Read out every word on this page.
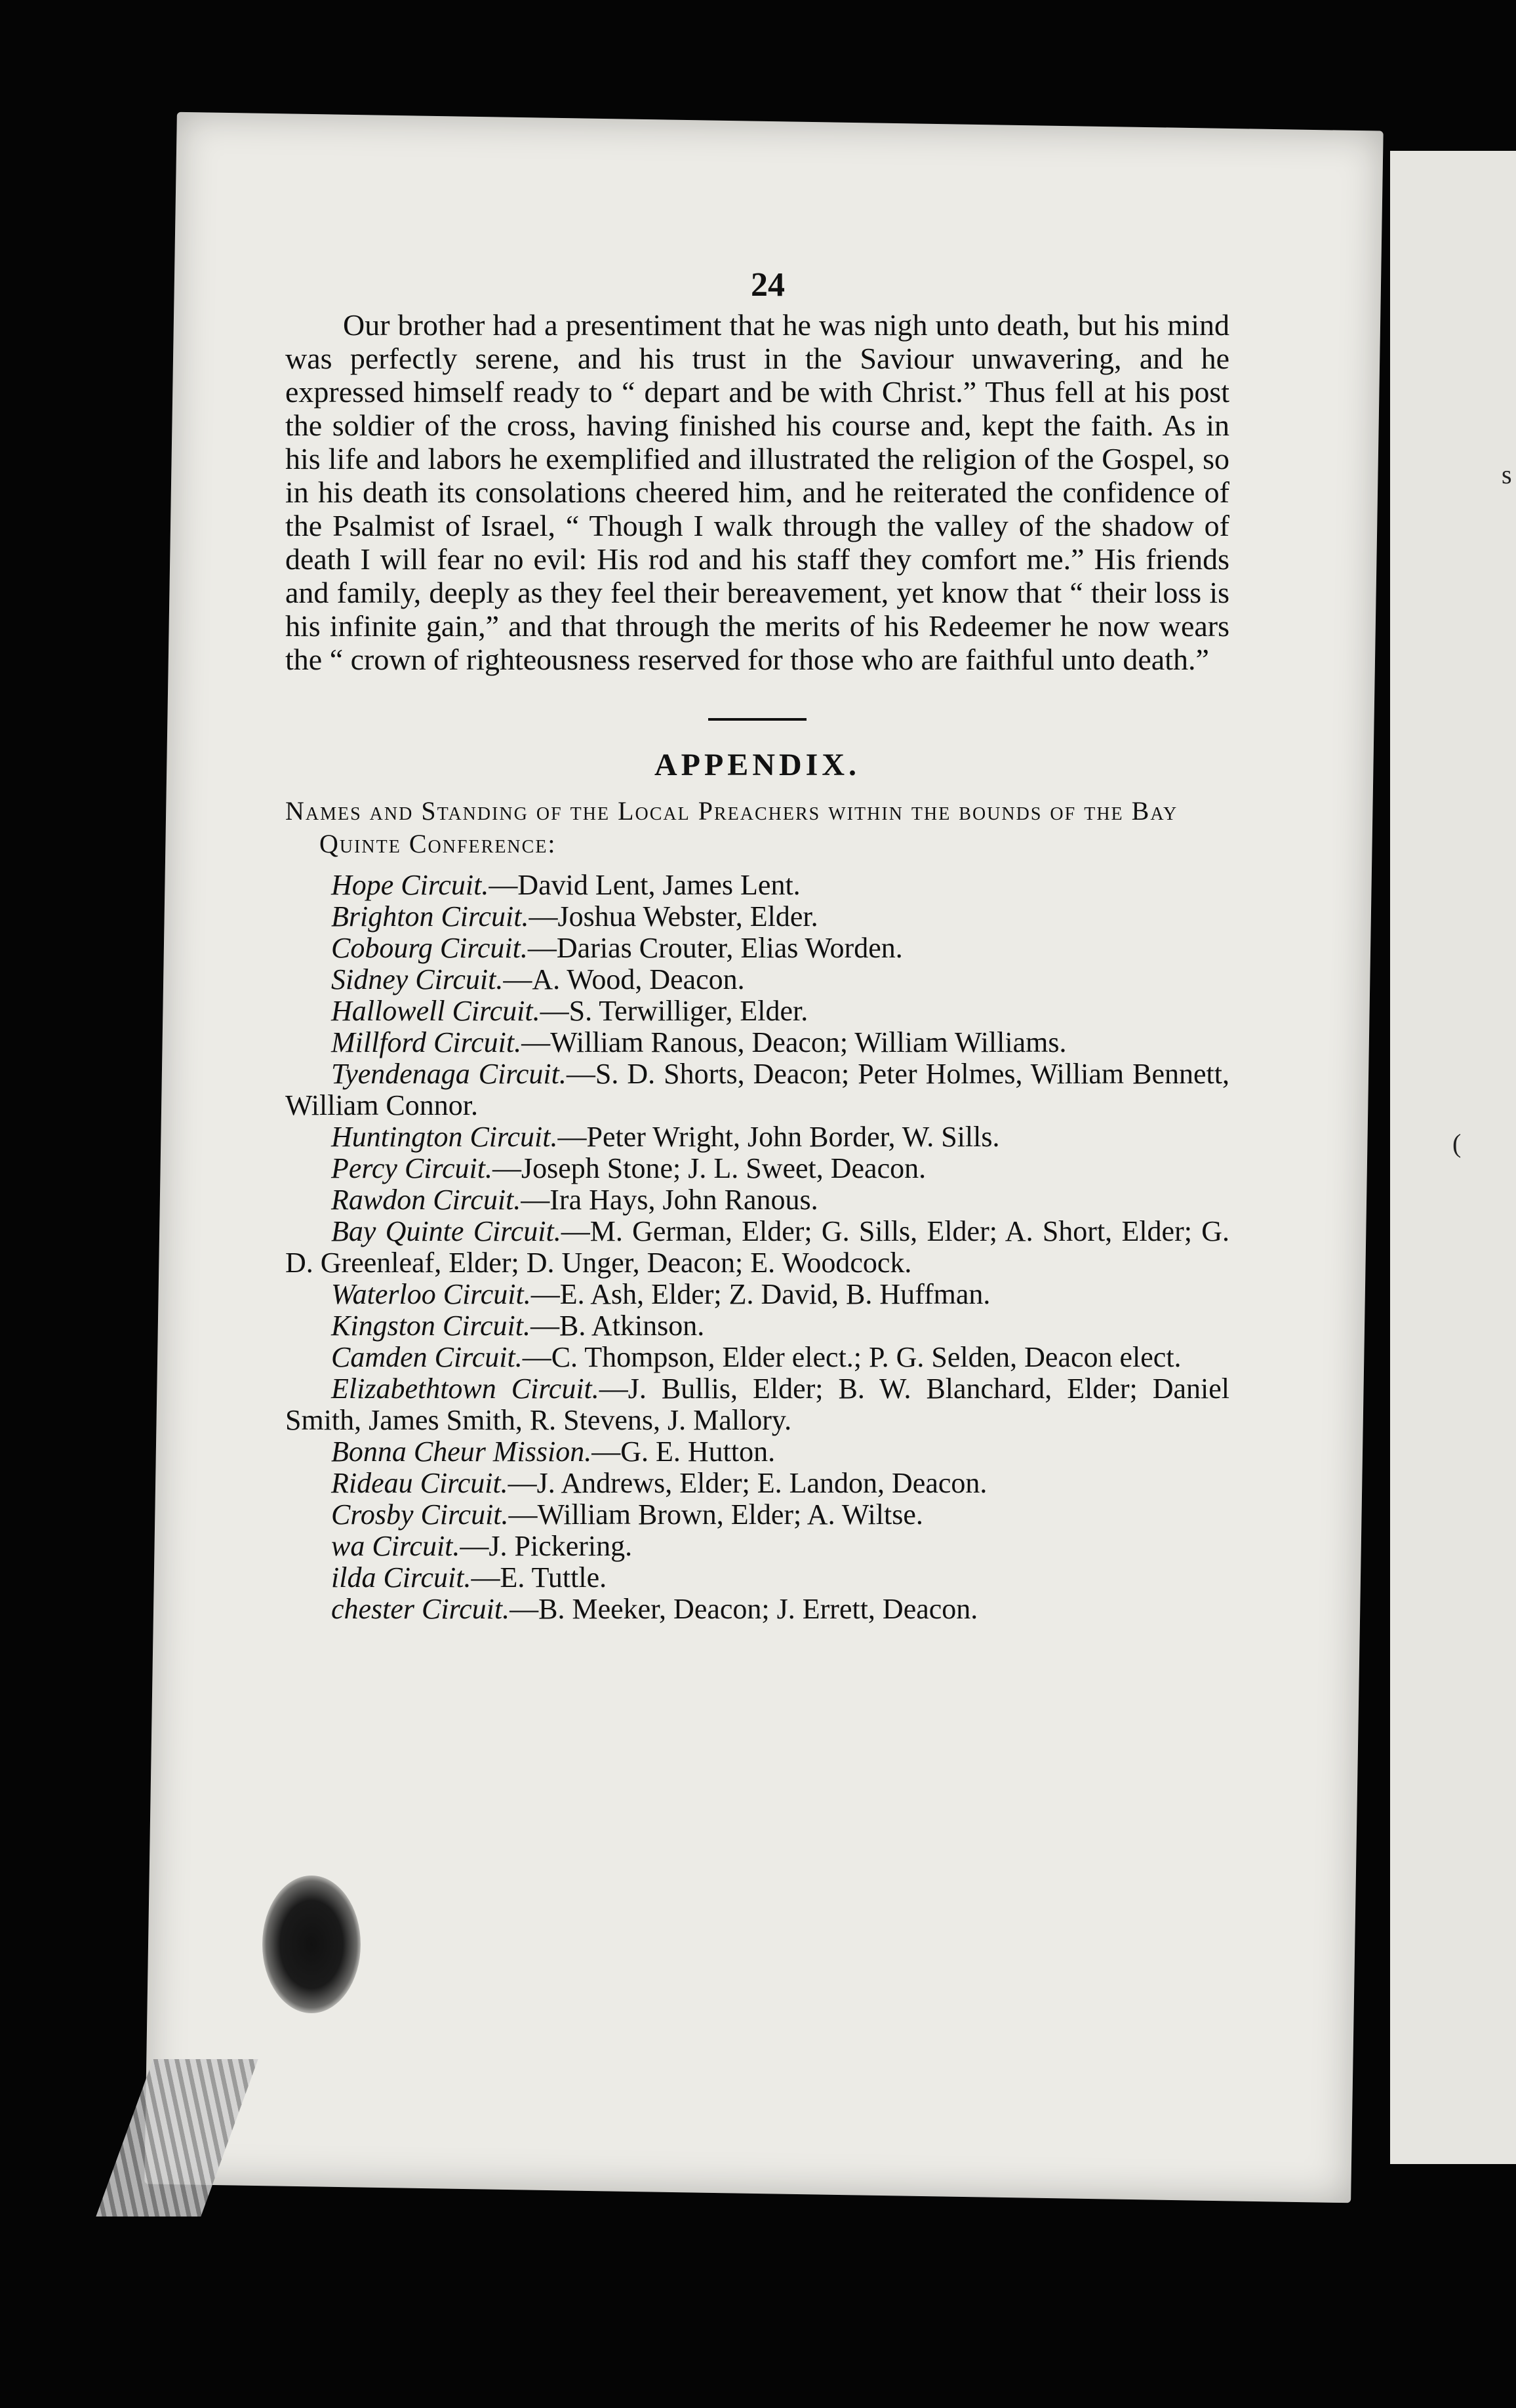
s
(
24

Our brother had a presentiment that he was nigh unto death, but his mind was perfectly serene, and his trust in the Saviour unwavering, and he expressed himself ready to “ depart and be with Christ.” Thus fell at his post the soldier of the cross, having finished his course and, kept the faith. As in his life and labors he exemplified and illustrated the religion of the Gospel, so in his death its consolations cheered him, and he reiterated the confidence of the Psalmist of Israel, “ Though I walk through the valley of the shadow of death I will fear no evil: His rod and his staff they comfort me.” His friends and family, deeply as they feel their bereavement, yet know that “ their loss is his infinite gain,” and that through the merits of his Redeemer he now wears the “ crown of righteousness reserved for those who are faithful unto death.”

APPENDIX.

Names and Standing of the Local Preachers within the bounds of the Bay Quinte Conference:

Hope Circuit.—David Lent, James Lent.

Brighton Circuit.—Joshua Webster, Elder.

Cobourg Circuit.—Darias Crouter, Elias Worden.

Sidney Circuit.—A. Wood, Deacon.

Hallowell Circuit.—S. Terwilliger, Elder.

Millford Circuit.—William Ranous, Deacon; William Williams.

Tyendenaga Circuit.—S. D. Shorts, Deacon; Peter Holmes, William Bennett, William Connor.

Huntington Circuit.—Peter Wright, John Border, W. Sills.

Percy Circuit.—Joseph Stone; J. L. Sweet, Deacon.

Rawdon Circuit.—Ira Hays, John Ranous.

Bay Quinte Circuit.—M. German, Elder; G. Sills, Elder; A. Short, Elder; G. D. Greenleaf, Elder; D. Unger, Deacon; E. Woodcock.

Waterloo Circuit.—E. Ash, Elder; Z. David, B. Huffman.

Kingston Circuit.—B. Atkinson.

Camden Circuit.—C. Thompson, Elder elect.; P. G. Selden, Deacon elect.

Elizabethtown Circuit.—J. Bullis, Elder; B. W. Blanchard, Elder; Daniel Smith, James Smith, R. Stevens, J. Mallory.

Bonna Cheur Mission.—G. E. Hutton.

Rideau Circuit.—J. Andrews, Elder; E. Landon, Deacon.

Crosby Circuit.—William Brown, Elder; A. Wiltse.

wa Circuit.—J. Pickering.

ilda Circuit.—E. Tuttle.

chester Circuit.—B. Meeker, Deacon; J. Errett, Deacon.
